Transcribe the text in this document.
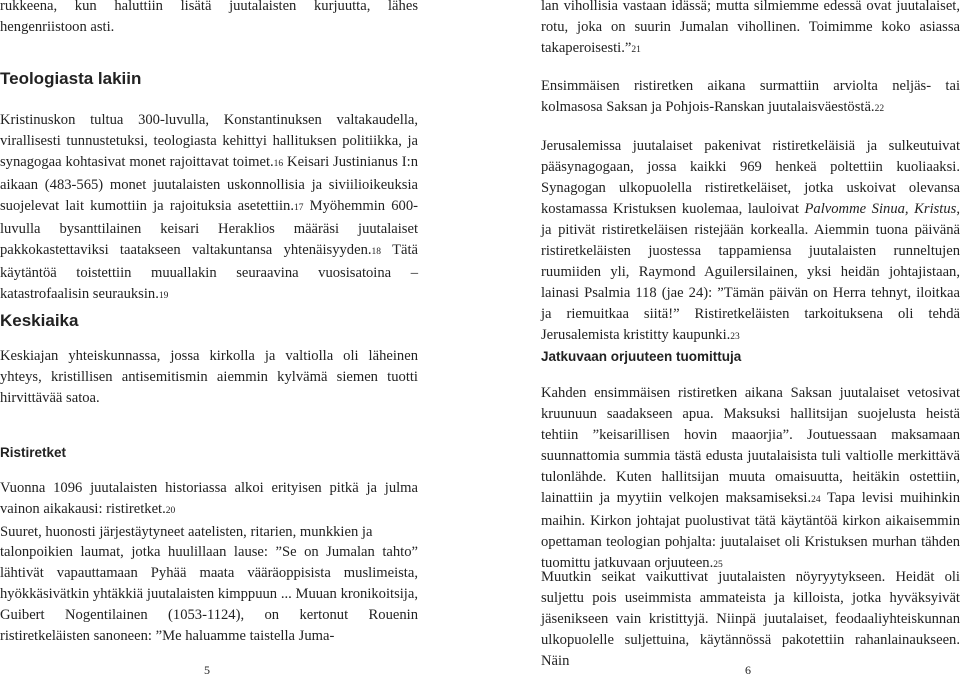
rukkeena, kun haluttiin lisätä juutalaisten kurjuutta, lähes hengenriistoon asti.

Teologiasta lakiin

Kristinuskon tultua 300-luvulla, Konstantinuksen valtakaudella, virallisesti tunnustetuksi, teologiasta kehittyi hallituksen politiikka, ja synagogaa kohtasivat monet rajoittavat toimet.16 Keisari Justinianus I:n aikaan (483-565) monet juutalaisten uskonnollisia ja siviilioikeuksia suojelevat lait kumottiin ja rajoituksia asetettiin.17 Myöhemmin 600-luvulla bysanttilainen keisari Heraklios määräsi juutalaiset pakkokastettaviksi taatakseen valtakuntansa yhtenäisyyden.18 Tätä käytäntöä toistettiin muuallakin seuraavina vuosisatoina – katastrofaalisin seurauksin.19

Keskiaika

Keskiajan yhteiskunnassa, jossa kirkolla ja valtiolla oli läheinen yhteys, kristillisen antisemitismin aiemmin kylvämä siemen tuotti hirvittävää satoa.

Ristiretket

Vuonna 1096 juutalaisten historiassa alkoi erityisen pitkä ja julma vainon aikakausi: ristiretket.20
Suuret, huonosti järjestäytyneet aatelisten, ritarien, munkkien ja

talonpoikien laumat, jotka huulillaan lause: ”Se on Jumalan tahto” lähtivät vapauttamaan Pyhää maata vääräoppisista muslimeista, hyökkäsivätkin yhtäkkiä juutalaisten kimppuun ... Muuan kronikoitsija, Guibert Nogentilainen (1053-1124), on kertonut Rouenin ristiretkeläisten sanoneen: ”Me haluamme taistella Juma-

5

lan vihollisia vastaan idässä; mutta silmiemme edessä ovat juutalaiset, rotu, joka on suurin Jumalan vihollinen. Toimimme koko asiassa takaperoisesti.”21

Ensimmäisen ristiretken aikana surmattiin arviolta neljäs- tai kolmasosa Saksan ja Pohjois-Ranskan juutalaisväestöstä.22

Jerusalemissa juutalaiset pakenivat ristiretkeläisiä ja sulkeutuivat pääsynagogaan, jossa kaikki 969 henkeä poltettiin kuoliaaksi. Synagogan ulkopuolella ristiretkeläiset, jotka uskoivat olevansa kostamassa Kristuksen kuolemaa, lauloivat Palvomme Sinua, Kristus, ja pitivät ristiretkeläisen ristejään korkealla. Aiemmin tuona päivänä ristiretkeläisten juostessa tappamiensa juutalaisten runneltujen ruumiiden yli, Raymond Aguilersilainen, yksi heidän johtajistaan, lainasi Psalmia 118 (jae 24): ”Tämän päivän on Herra tehnyt, iloitkaa ja riemuitkaa siitä!” Ristiretkeläisten tarkoituksena oli tehdä Jerusalemista kristitty kaupunki.23

Jatkuvaan orjuuteen tuomittuja

Kahden ensimmäisen ristiretken aikana Saksan juutalaiset vetosivat kruunuun saadakseen apua. Maksuksi hallitsijan suojelusta heistä tehtiin ”keisarillisen hovin maaorjia”. Joutuessaan maksamaan suunnattomia summia tästä edusta juutalaisista tuli valtiolle merkittävä tulonlähde. Kuten hallitsijan muuta omaisuutta, heitäkin ostettiin, lainattiin ja myytiin velkojen maksamiseksi.24 Tapa levisi muihinkin maihin. Kirkon johtajat puolustivat tätä käytäntöä kirkon aikaisemmin opettaman teologian pohjalta: juutalaiset oli Kristuksen murhan tähden tuomittu jatkuvaan orjuuteen.25

Muutkin seikat vaikuttivat juutalaisten nöyryytykseen. Heidät oli suljettu pois useimmista ammateista ja killoista, jotka hyväksyivät jäsenikseen vain kristittyjä. Niinpä juutalaiset, feodaaliyhteiskunnan ulkopuolelle suljettuina, käytännössä pakotettiin rahanlainaukseen. Näin

6
